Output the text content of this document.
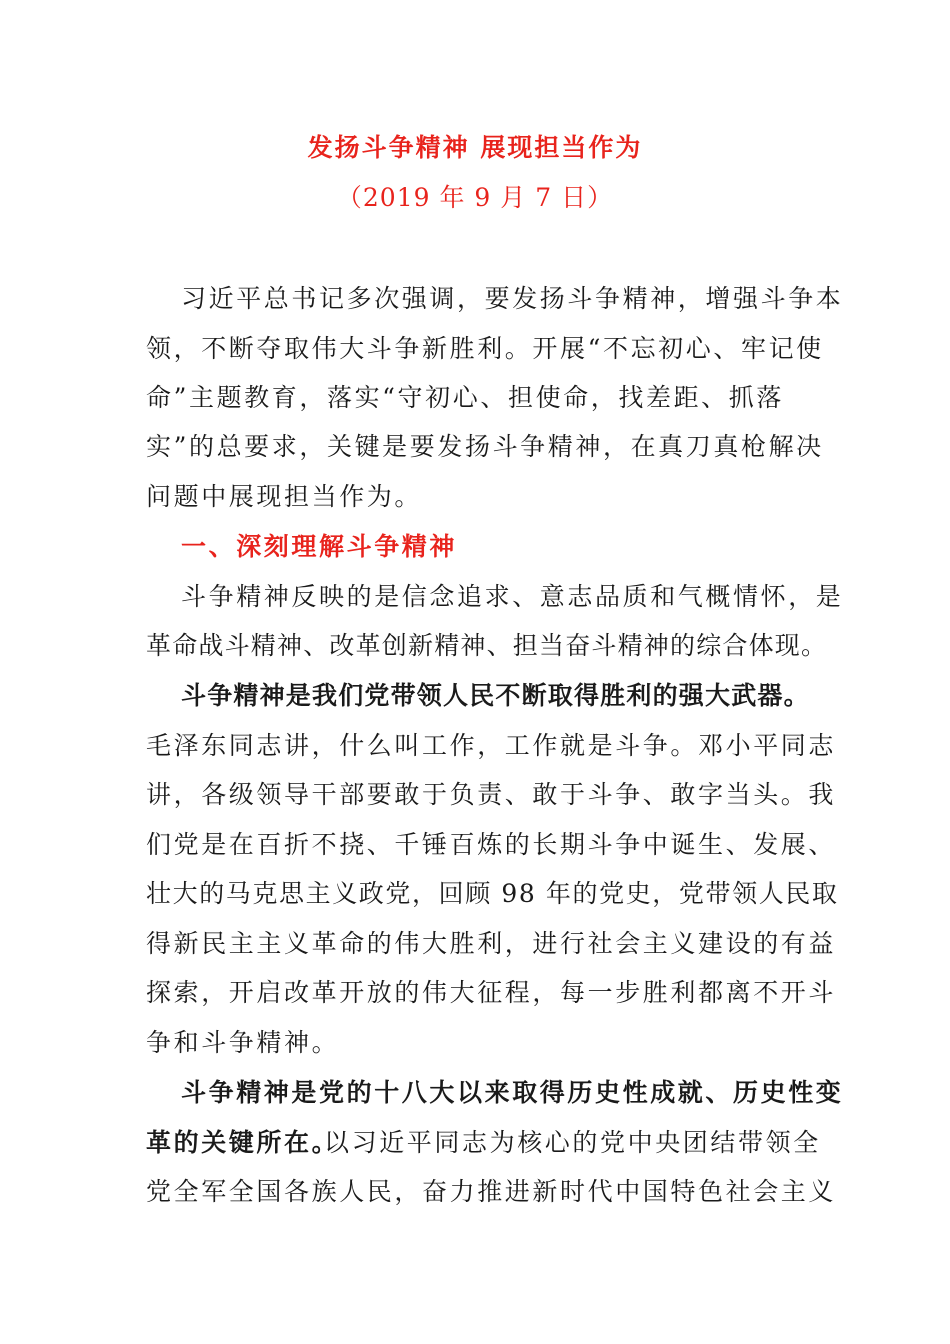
发扬斗争精神 展现担当作为
（2019 年 9 月 7 日）
习近平总书记多次强调，要发扬斗争精神，增强斗争本
领，不断夺取伟大斗争新胜利。开展“不忘初心、牢记使
命”主题教育，落实“守初心、担使命，找差距、抓落
实”的总要求，关键是要发扬斗争精神，在真刀真枪解决
问题中展现担当作为。
一、深刻理解斗争精神
斗争精神反映的是信念追求、意志品质和气概情怀，是
革命战斗精神、改革创新精神、担当奋斗精神的综合体现。
斗争精神是我们党带领人民不断取得胜利的强大武器。
毛泽东同志讲，什么叫工作，工作就是斗争。邓小平同志
讲，各级领导干部要敢于负责、敢于斗争、敢字当头。我
们党是在百折不挠、千锤百炼的长期斗争中诞生、发展、
壮大的马克思主义政党，回顾 98 年的党史，党带领人民取
得新民主主义革命的伟大胜利，进行社会主义建设的有益
探索，开启改革开放的伟大征程，每一步胜利都离不开斗
争和斗争精神。
斗争精神是党的十八大以来取得历史性成就、历史性变
革的关键所在。
以习近平同志为核心的党中央团结带领全
党全军全国各族人民，奋力推进新时代中国特色社会主义
